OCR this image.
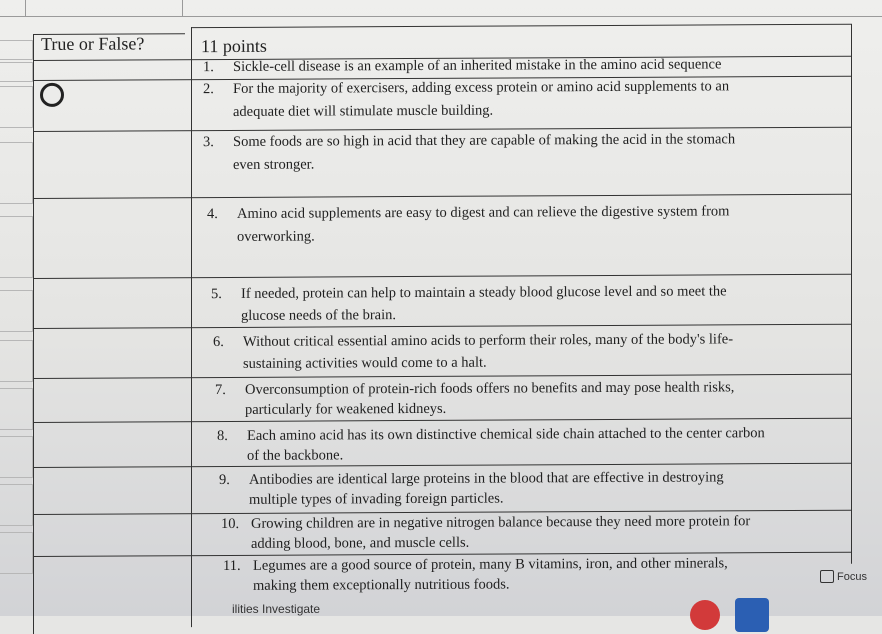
True or False?	11 points
1. Sickle-cell disease is an example of an inherited mistake in the amino acid sequence
2. For the majority of exercisers, adding excess protein or amino acid supplements to an
adequate diet will stimulate muscle building.
3. Some foods are so high in acid that they are capable of making the acid in the stomach
even stronger.
4. Amino acid supplements are easy to digest and can relieve the digestive system from
overworking.
5. If needed, protein can help to maintain a steady blood glucose level and so meet the
glucose needs of the brain.
6. Without critical essential amino acids to perform their roles, many of the body's life-
sustaining activities would come to a halt.
7. Overconsumption of protein-rich foods offers no benefits and may pose health risks,
particularly for weakened kidneys.
8. Each amino acid has its own distinctive chemical side chain attached to the center carbon
of the backbone.
9. Antibodies are identical large proteins in the blood that are effective in destroying
multiple types of invading foreign particles.
10. Growing children are in negative nitrogen balance because they need more protein for
adding blood, bone, and muscle cells.
11. Legumes are a good source of protein, many B vitamins, iron, and other minerals,
making them exceptionally nutritious foods.
Focus
ilities Investigate
